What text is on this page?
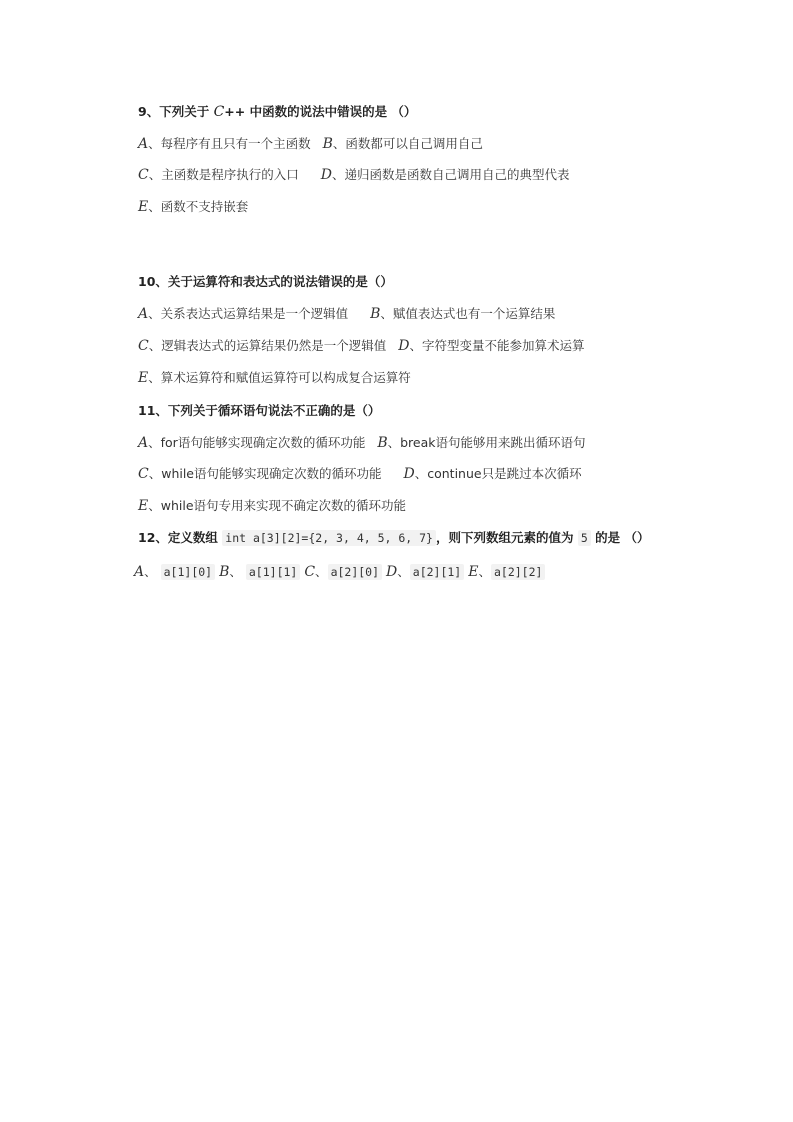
9、下列关于 C++ 中函数的说法中错误的是 （）
A、每程序有且只有一个主函数 B、函数都可以自己调用自己
C、主函数是程序执行的入口 D、递归函数是函数自己调用自己的典型代表
E、函数不支持嵌套
10、关于运算符和表达式的说法错误的是（）
A、关系表达式运算结果是一个逻辑值 B、赋值表达式也有一个运算结果
C、逻辑表达式的运算结果仍然是一个逻辑值 D、字符型变量不能参加算术运算
E、算术运算符和赋值运算符可以构成复合运算符
11、下列关于循环语句说法不正确的是（）
A、for语句能够实现确定次数的循环功能 B、break语句能够用来跳出循环语句
C、while语句能够实现确定次数的循环功能 D、continue只是跳过本次循环
E、while语句专用来实现不确定次数的循环功能
12、定义数组 int a[3][2]={2, 3, 4, 5, 6, 7} ，则下列数组元素的值为 5 的是 （）
A、 a[1][0] B、 a[1][1] C、 a[2][0] D、 a[2][1] E、 a[2][2]
